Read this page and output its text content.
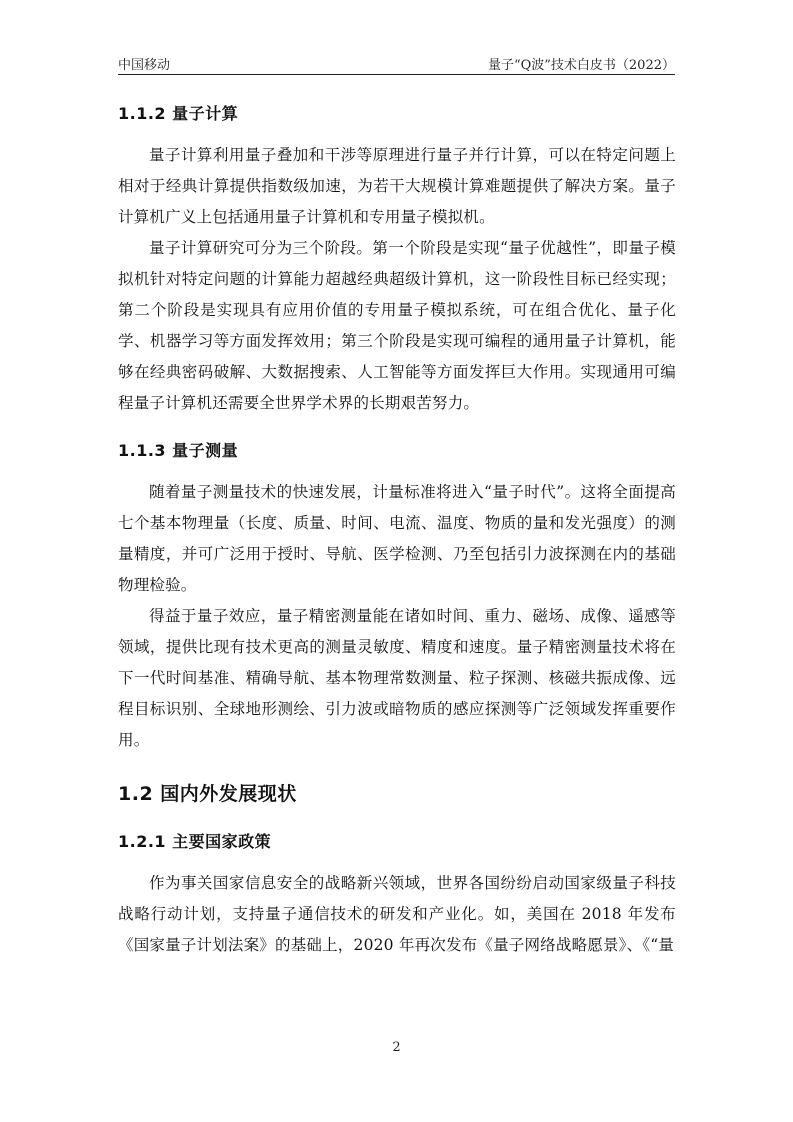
中国移动	量子“Q波”技术白皮书（2022）
1.1.2 量子计算

量子计算利用量子叠加和干涉等原理进行量子并行计算，可以在特定问题上相对于经典计算提供指数级加速，为若干大规模计算难题提供了解决方案。量子计算机广义上包括通用量子计算机和专用量子模拟机。

量子计算研究可分为三个阶段。第一个阶段是实现“量子优越性”，即量子模拟机针对特定问题的计算能力超越经典超级计算机，这一阶段性目标已经实现；第二个阶段是实现具有应用价值的专用量子模拟系统，可在组合优化、量子化学、机器学习等方面发挥效用；第三个阶段是实现可编程的通用量子计算机，能够在经典密码破解、大数据搜索、人工智能等方面发挥巨大作用。实现通用可编程量子计算机还需要全世界学术界的长期艰苦努力。

1.1.3 量子测量

随着量子测量技术的快速发展，计量标准将进入“量子时代”。这将全面提高七个基本物理量（长度、质量、时间、电流、温度、物质的量和发光强度）的测量精度，并可广泛用于授时、导航、医学检测、乃至包括引力波探测在内的基础物理检验。

得益于量子效应，量子精密测量能在诸如时间、重力、磁场、成像、遥感等领域，提供比现有技术更高的测量灵敏度、精度和速度。量子精密测量技术将在下一代时间基准、精确导航、基本物理常数测量、粒子探测、核磁共振成像、远程目标识别、全球地形测绘、引力波或暗物质的感应探测等广泛领域发挥重要作用。

1.2 国内外发展现状
1.2.1 主要国家政策

作为事关国家信息安全的战略新兴领域，世界各国纷纷启动国家级量子科技战略行动计划，支持量子通信技术的研发和产业化。如，美国在 2018 年发布《国家量子计划法案》的基础上，2020 年再次发布《量子网络战略愿景》、《“量

2
